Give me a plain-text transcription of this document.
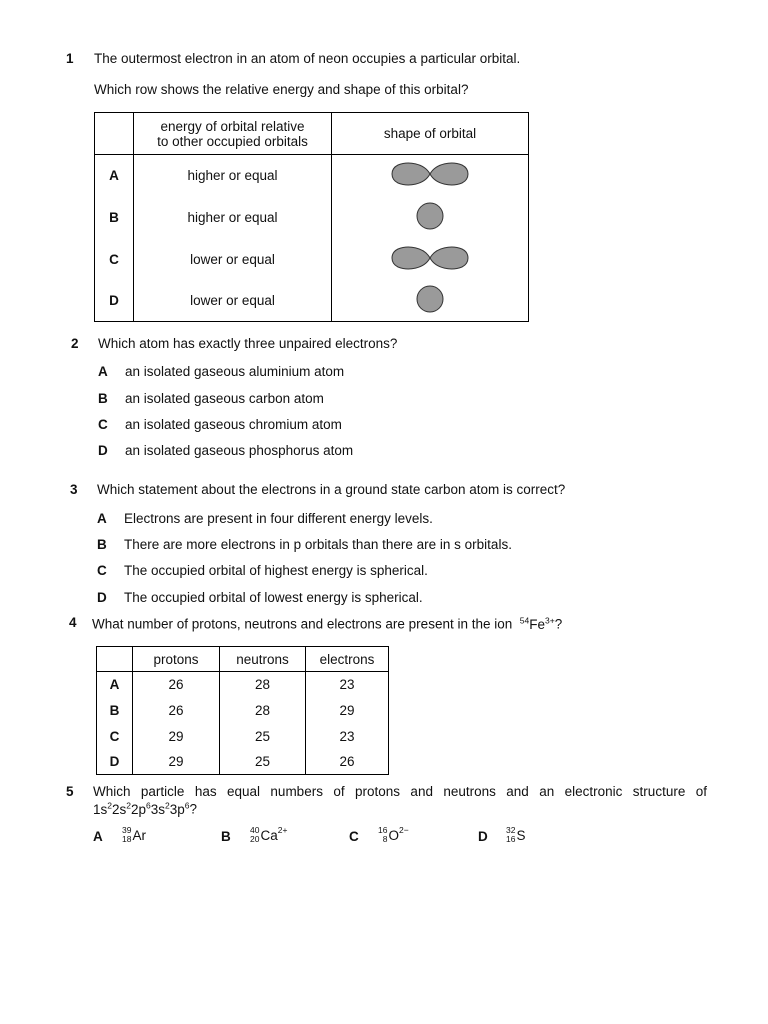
1 The outermost electron in an atom of neon occupies a particular orbital.
Which row shows the relative energy and shape of this orbital?

	energy of orbital relative
to other occupied orbitals	shape of orbital
A	higher or equal	
B	higher or equal	
C	lower or equal	
D	lower or equal	
2 Which atom has exactly three unpaired electrons?
A an isolated gaseous aluminium atom
B an isolated gaseous carbon atom
C an isolated gaseous chromium atom
D an isolated gaseous phosphorus atom
3 Which statement about the electrons in a ground state carbon atom is correct?
A Electrons are present in four different energy levels.
B There are more electrons in p orbitals than there are in s orbitals.
C The occupied orbital of highest energy is spherical.
D The occupied orbital of lowest energy is spherical.
4 What number of protons, neutrons and electrons are present in the ion $^{54}Fe^{3+}$?
	protons	neutrons	electrons
A	26	28	23
B	26	28	29
C	29	25	23
D	29	25	26
5 Which particle has equal numbers of protons and neutrons and an electronic structure of
$1s^22s^22p^63s^23p^6$?
A 39
18 Ar	B 40
20 Ca 2+	C 16
8 O 2−	D 32
16 S
